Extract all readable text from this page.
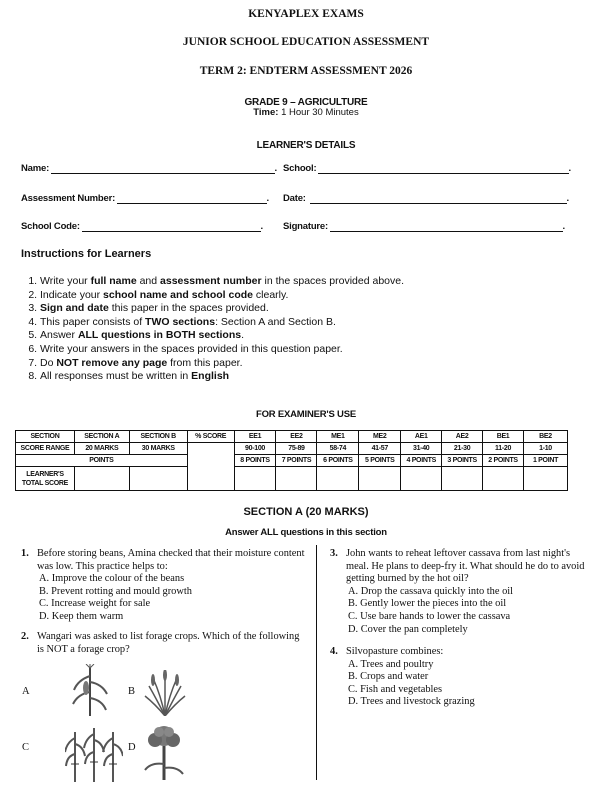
KENYAPLEX EXAMS
JUNIOR SCHOOL EDUCATION ASSESSMENT
TERM 2: ENDTERM ASSESSMENT 2026
GRADE 9 – AGRICULTURE
Time: 1 Hour 30 Minutes
LEARNER'S DETAILS
Name:	. School:	.
Assessment Number:	. Date:	.
School Code:	. Signature:	.
Instructions for Learners
1. Write your full name and assessment number in the spaces provided above.
2. Indicate your school name and school code clearly.
3. Sign and date this paper in the spaces provided.
4. This paper consists of TWO sections: Section A and Section B.
5. Answer ALL questions in BOTH sections.
6. Write your answers in the spaces provided in this question paper.
7. Do NOT remove any page from this paper.
8. All responses must be written in English
FOR EXAMINER'S USE
SECTION	SECTION A	SECTION B	% SCORE	EE1	EE2	ME1	ME2	AE1	AE2	BE1	BE2
SCORE RANGE	20 MARKS	30 MARKS		90-100	75-89	58-74	41-57	31-40	21-30	11-20	1-10
POINTS				8 POINTS	7 POINTS	6 POINTS	5 POINTS	4 POINTS	3 POINTS	2 POINTS	1 POINT
LEARNER'S TOTAL SCORE											
SECTION A (20 MARKS)
Answer ALL questions in this section
1. Before storing beans, Amina checked that their moisture content was low. This practice helps to:
A. Improve the colour of the beans
B. Prevent rotting and mould growth
C. Increase weight for sale
D. Keep them warm
2. Wangari was asked to list forage crops. Which of the following is NOT a forage crop?
A	B
C	D
3. John wants to reheat leftover cassava from last night's meal. He plans to deep-fry it. What should he do to avoid getting burned by the hot oil?
A. Drop the cassava quickly into the oil
B. Gently lower the pieces into the oil
C. Use bare hands to lower the cassava
D. Cover the pan completely
4. Silvopasture combines:
A. Trees and poultry
B. Crops and water
C. Fish and vegetables
D. Trees and livestock grazing
